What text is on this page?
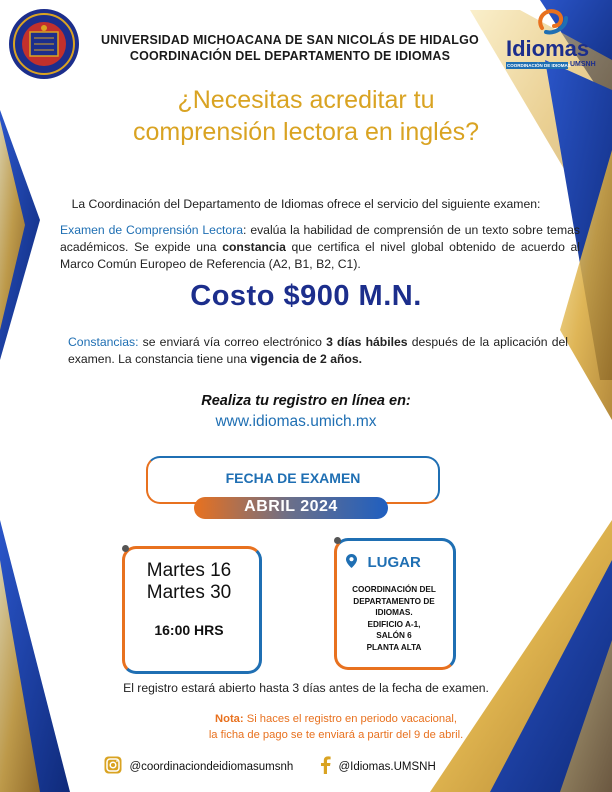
UNIVERSIDAD MICHOACANA DE SAN NICOLÁS DE HIDALGO
COORDINACIÓN DEL DEPARTAMENTO DE IDIOMAS	Idiomas
COORDINACIÓN DE IDIOMAS UMSNH
¿Necesitas acreditar tu
comprensión lectora en inglés?
La Coordinación del Departamento de Idiomas ofrece el servicio del siguiente examen:
Examen de Comprensión Lectora: evalúa la habilidad de comprensión de un texto sobre temas académicos. Se expide una constancia que certifica el nivel global obtenido de acuerdo al Marco Común Europeo de Referencia (A2, B1, B2, C1).
Costo $900 M.N.
Constancias: se enviará vía correo electrónico 3 días hábiles después de la aplicación del examen. La constancia tiene una vigencia de 2 años.
Realiza tu registro en línea en:
www.idiomas.umich.mx
FECHA DE EXAMEN
ABRIL 2024
Martes 16
Martes 30
16:00 HRS
LUGAR
COORDINACIÓN DEL
DEPARTAMENTO DE
IDIOMAS.
EDIFICIO A-1,
SALÓN 6
PLANTA ALTA
El registro estará abierto hasta 3 días antes de la fecha de examen.
Nota: Si haces el registro en periodo vacacional,
la ficha de pago se te enviará a partir del 9 de abril.
@coordinaciondeidiomasumsnh	@Idiomas.UMSNH
